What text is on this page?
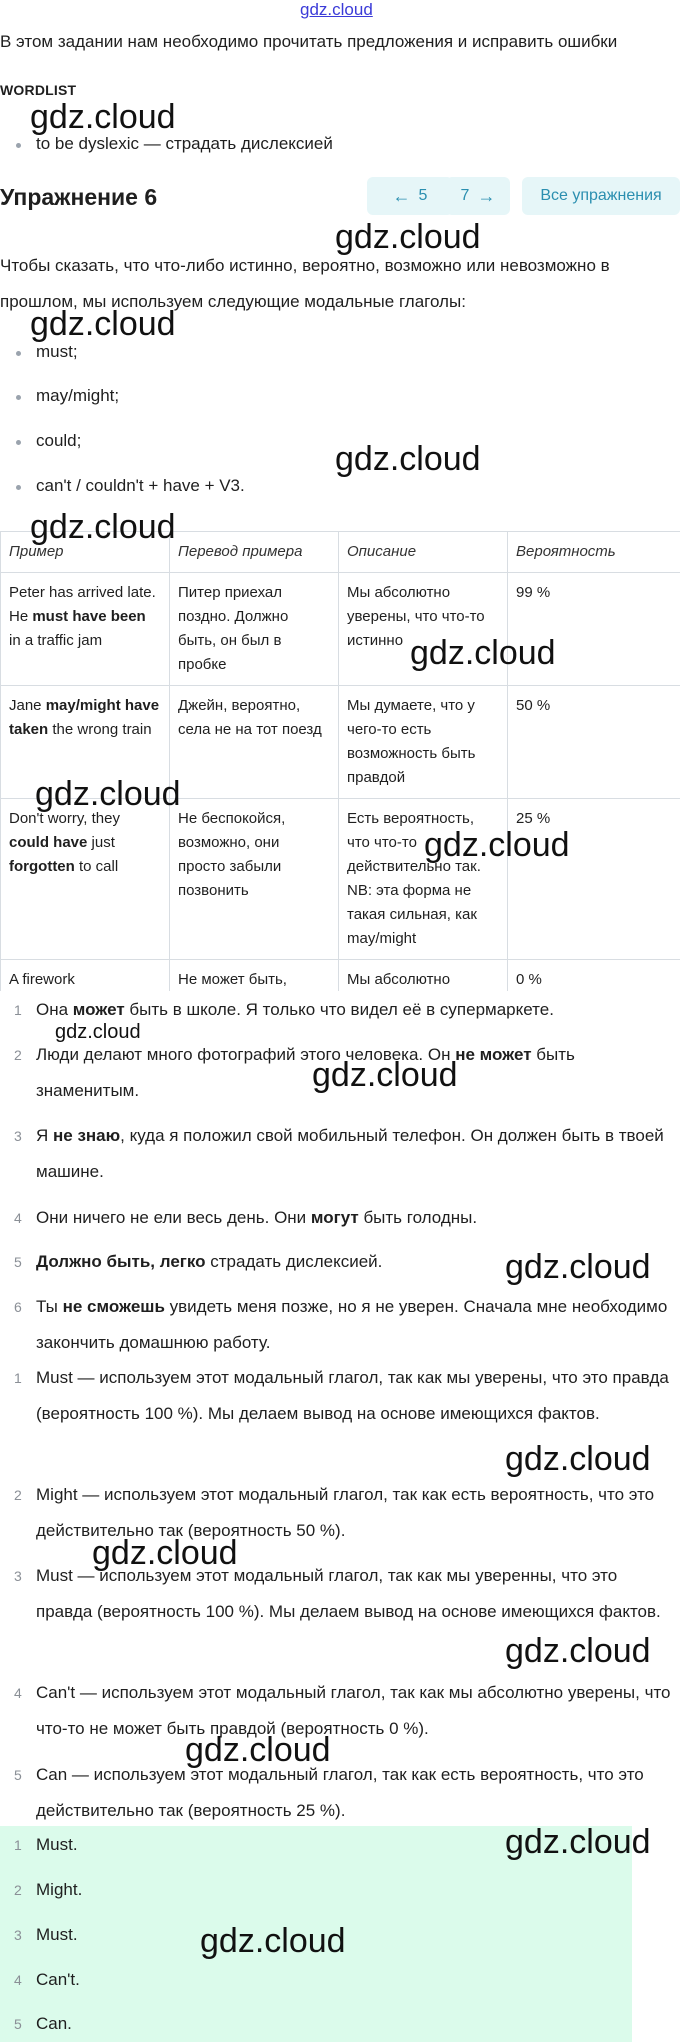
gdz.cloud
В этом задании нам необходимо прочитать предложения и исправить ошибки
WORDLIST
to be dyslexic — страдать дислексией
Упражнение 6	← 5 7 →	Все упражнения
Чтобы сказать, что что-либо истинно, вероятно, возможно или невозможно в прошлом, мы используем следующие модальные глаголы:
must;
may/might;
could;
can't / couldn't + have + V3.
Пример	Перевод примера	Описание	Вероятность
Peter has arrived late. He must have been in a traffic jam	Питер приехал поздно. Должно быть, он был в пробке	Мы абсолютно уверены, что что-то истинно	99 %
Jane may/might have taken the wrong train	Джейн, вероятно, села не на тот поезд	Мы думаете, что у чего-то есть возможность быть правдой	50 %
Don't worry, they could have just forgotten to call	Не беспокойся, возможно, они просто забыли позвонить	Есть вероятность, что что-то действительно так. NB: эта форма не такая сильная, как may/might	25 %
A firework	Не может быть,	Мы абсолютно	0 %
1 Она может быть в школе. Я только что видел её в супермаркете.
2 Люди делают много фотографий этого человека. Он не может быть знаменитым.
3 Я не знаю, куда я положил свой мобильный телефон. Он должен быть в твоей машине.
4 Они ничего не ели весь день. Они могут быть голодны.
5 Должно быть, легко страдать дислексией.
6 Ты не сможешь увидеть меня позже, но я не уверен. Сначала мне необходимо закончить домашнюю работу.
1 Must — используем этот модальный глагол, так как мы уверены, что это правда (вероятность 100 %). Мы делаем вывод на основе имеющихся фактов.
2 Might — используем этот модальный глагол, так как есть вероятность, что это действительно так (вероятность 50 %).
3 Must — используем этот модальный глагол, так как мы уверенны, что это правда (вероятность 100 %). Мы делаем вывод на основе имеющихся фактов.
4 Can't — используем этот модальный глагол, так как мы абсолютно уверены, что что-то не может быть правдой (вероятность 0 %).
5 Can — используем этот модальный глагол, так как есть вероятность, что это действительно так (вероятность 25 %).
1 Must.
2 Might.
3 Must.
4 Can't.
5 Can.
gdz.cloud
gdz.cloud
gdz.cloud
gdz.cloud
gdz.cloud
gdz.cloud
gdz.cloud
gdz.cloud
gdz.cloud
gdz.cloud
gdz.cloud
gdz.cloud
gdz.cloud
gdz.cloud
gdz.cloud
gdz.cloud
gdz.cloud
